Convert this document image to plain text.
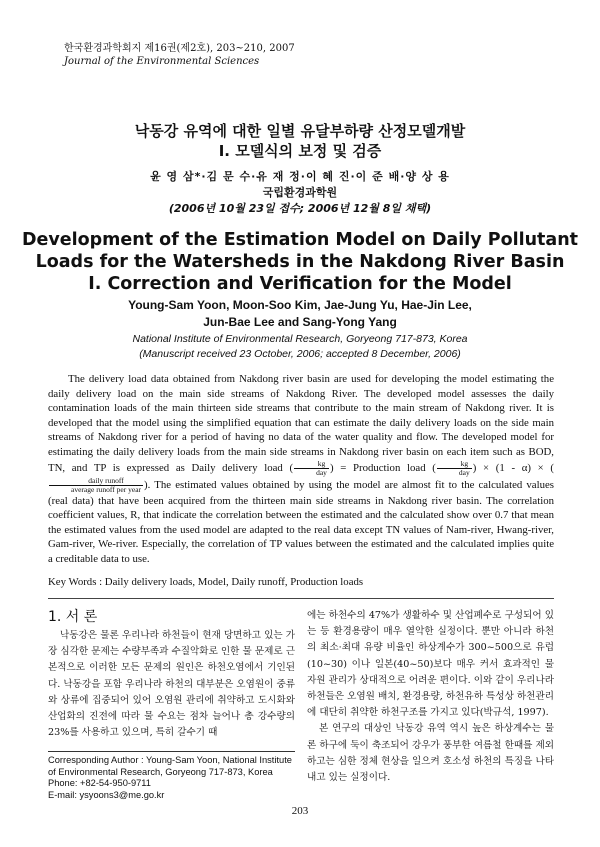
한국환경과학회지 제16권(제2호), 203~210, 2007
Journal of the Environmental Sciences
낙동강 유역에 대한 일별 유달부하량 산정모델개발
Ⅰ. 모델식의 보정 및 검증
윤 영 삼*·김 문 수·유 재 정·이 혜 진·이 준 배·양 상 용
국립환경과학원
(2006년 10월 23일 접수; 2006년 12월 8일 채택)
Development of the Estimation Model on Daily Pollutant
Loads for the Watersheds in the Nakdong River Basin
Ⅰ. Correction and Verification for the Model
Young-Sam Yoon, Moon-Soo Kim, Jae-Jung Yu, Hae-Jin Lee,
Jun-Bae Lee and Sang-Yong Yang
National Institute of Environmental Research, Goryeong 717-873, Korea
(Manuscript received 23 October, 2006; accepted 8 December, 2006)

The delivery load data obtained from Nakdong river basin are used for developing the model estimating the daily delivery load on the main side streams of Nakdong River. The developed model assesses the daily contamination loads of the main thirteen side streams that contribute to the main stream of Nakdong river. It is developed that the model using the simplified equation that can estimate the daily delivery loads on the side main streams of Nakdong river for a period of having no data of the water quality and flow. The developed model for estimating the daily delivery loads from the main side streams in Nakdong river basin on each item such as BOD, TN, and TP is expressed as Daily delivery load ( $\frac{kg}{\text{day}}$ ) = Production load ( $\frac{kg}{\text{day}}$ ) × (1 - α) × (
$\frac{\text{daily runoff}}{\text{average runoff per year}}$ ). The estimated values obtained by using the model are almost fit to the calculated values (real data) that have been acquired from the thirteen main side streams in Nakdong river basin. The correlation coefficient values, R, that indicate the correlation between the estimated and the calculated show over 0.7 that mean the estimated values from the used model are adapted to the real data except TN values of Nam-river, Hwang-river, Gam-river, We-river. Especially, the correlation of TP values between the estimated and the calculated implies quite a creditable data to use.

Key Words : Daily delivery loads, Model, Daily runoff, Production loads
1. 서 론

낙동강은 물론 우리나라 하천들이 현재 당면하고 있는 가장 심각한 문제는 수량부족과 수질악화로 인한 물 문제로 근본적으로 이러한 모든 문제의 원인은 하천오염에서 기인된다. 낙동강을 포함 우리나라 하천의 대부분은 오염원이 중류와 상류에 집중되어 있어 오염원 관리에 취약하고 도시화와 산업화의 진전에 따라 물 수요는 점차 늘어나 총 강수량의 23%를 사용하고 있으며, 특히 갈수기 때

에는 하천수의 47%가 생활하수 및 산업폐수로 구성되어 있는 등 환경용량이 매우 열악한 실정이다. 뿐만 아니라 하천의 최소·최대 유량 비율인 하상계수가 300~500으로 유럽(10~30) 이나 일본(40~50)보다 매우 커서 효과적인 물 자원 관리가 상대적으로 어려운 편이다. 이와 같이 우리나라 하천들은 오염원 배치, 환경용량, 하천유하 특성상 하천관리에 대단히 취약한 하천구조를 가지고 있다(박규석, 1997).

본 연구의 대상인 낙동강 유역 역시 높은 하상계수는 물론 하구에 둑이 축조되어 강우가 풍부한 여름철 한때를 제외하고는 심한 정체 현상을 일으켜 호소성 하천의 특징을 나타내고 있는 실정이다.

Corresponding Author : Young-Sam Yoon, National Institute
of Environmental Research, Goryeong 717-873, Korea
Phone: +82-54-950-9711
E-mail: ysyoons3@me.go.kr
203
